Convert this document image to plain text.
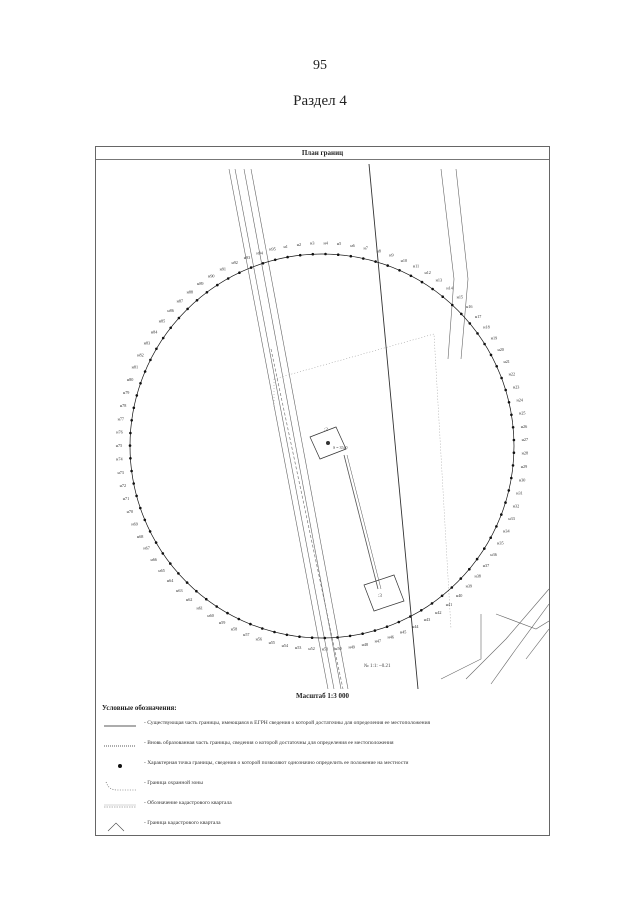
95
Раздел 4
План границ
:2
S = 3540
:3
№ 1:1: ~0.21
н1 н2 н3 н4 н5 н6 н7
н8
н9
н10
н11
н12
н13
н14
н15
н16
н17
н18
н19
н20
н21
н22
н23
н24
н25
н26
н27
н28
н29
н30
н31
н32
н33
н34
н35
н36
н37
н38
н39
н40
н41
н42
н43
н44
н45
н46
н47
н48
н49
н50
н51
н52
н53
н54
н55
н56
н57
н58
н59
н60
н61
н62
н63
н64
н65
н66
н67
н68
н69
н70
н71
н72
н73
н74
н75
н76
н77
н78
н79
н80
н81
н82
н83
н84
н85
н86
н87
н88
н89
н90
н91
н92
н93
н94
н95
Масштаб 1:3 000
Условные обозначения:
- Существующая часть границы, имеющаяся в ЕГРН сведения о которой достаточны для определения ее местоположения
- Вновь образованная часть границы, сведения о которой достаточны для определения ее местоположения
- Характерная точка границы, сведения о которой позволяют однозначно определить ее положение на местности
- Граница охранной зоны
- Обозначение кадастрового квартала
- Граница кадастрового квартала
